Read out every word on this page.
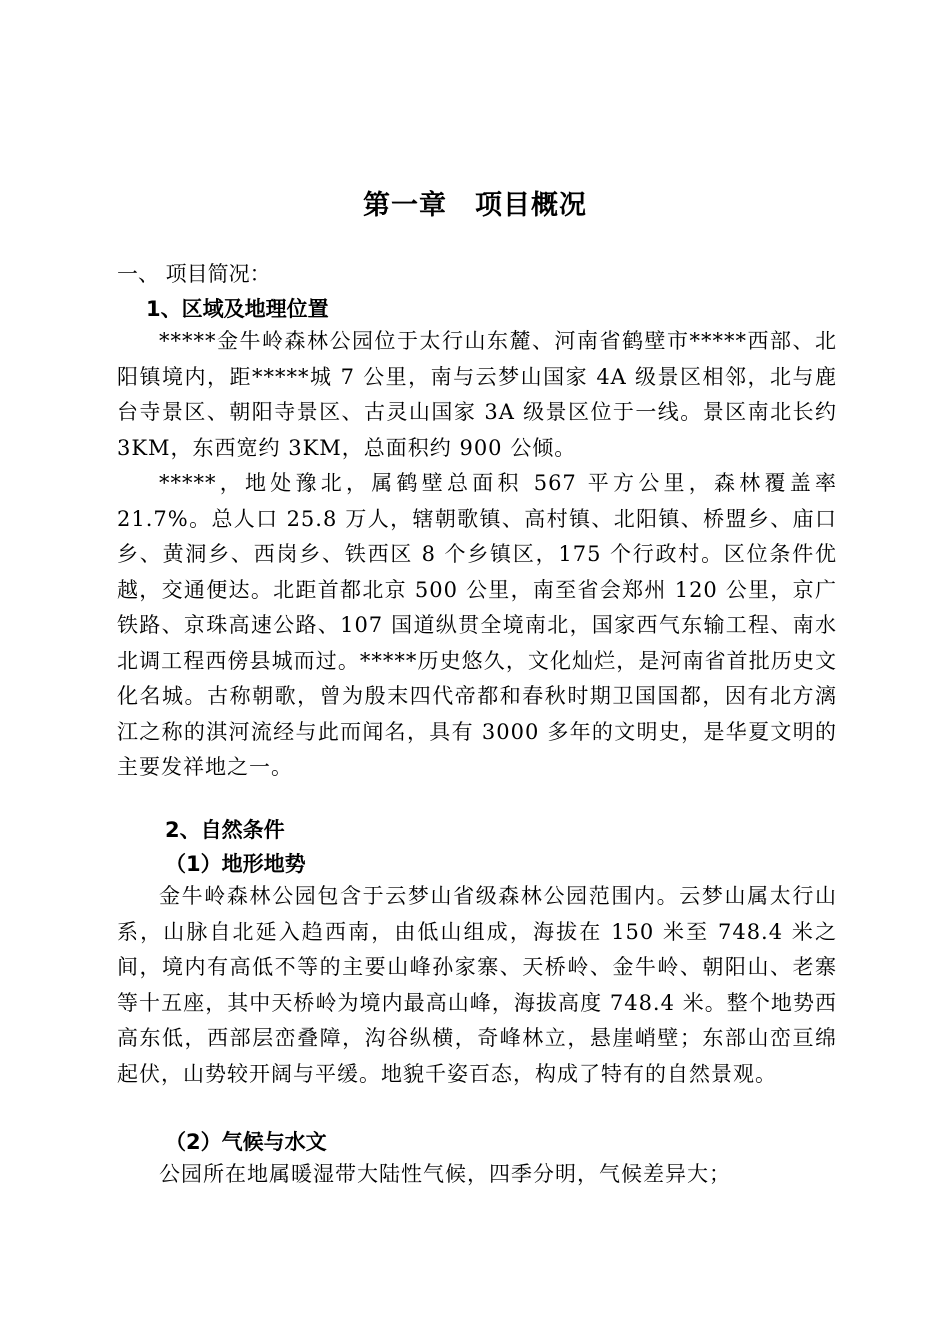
第一章　项目概况
一、 项目简况：
1、区域及地理位置
*****金牛岭森林公园位于太行山东麓、河南省鹤壁市*****西部、北阳镇境内，距*****城 7 公里，南与云梦山国家 4A 级景区相邻，北与鹿台寺景区、朝阳寺景区、古灵山国家 3A 级景区位于一线。景区南北长约 3KM，东西宽约 3KM，总面积约 900 公倾。
*****，地处豫北，属鹤壁总面积 567 平方公里，森林覆盖率 21.7%。总人口 25.8 万人，辖朝歌镇、高村镇、北阳镇、桥盟乡、庙口乡、黄洞乡、西岗乡、铁西区 8 个乡镇区，175 个行政村。区位条件优越，交通便达。北距首都北京 500 公里，南至省会郑州 120 公里，京广铁路、京珠高速公路、107 国道纵贯全境南北，国家西气东输工程、南水北调工程西傍县城而过。*****历史悠久，文化灿烂，是河南省首批历史文化名城。古称朝歌，曾为殷末四代帝都和春秋时期卫国国都，因有北方漓江之称的淇河流经与此而闻名，具有 3000 多年的文明史，是华夏文明的主要发祥地之一。
2、自然条件
（1）地形地势
金牛岭森林公园包含于云梦山省级森林公园范围内。云梦山属太行山系，山脉自北延入趋西南，由低山组成，海拔在 150 米至 748.4 米之间，境内有高低不等的主要山峰孙家寨、天桥岭、金牛岭、朝阳山、老寨等十五座，其中天桥岭为境内最高山峰，海拔高度 748.4 米。整个地势西高东低，西部层峦叠障，沟谷纵横，奇峰林立，悬崖峭壁；东部山峦亘绵起伏，山势较开阔与平缓。地貌千姿百态，构成了特有的自然景观。
（2）气候与水文
公园所在地属暖湿带大陆性气候，四季分明，气候差异大；
